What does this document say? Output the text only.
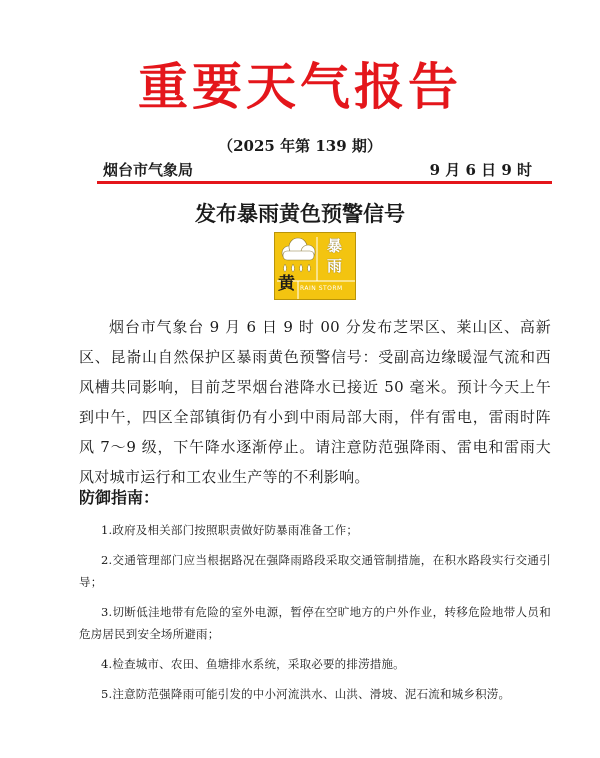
重要天气报告
（2025 年第 139 期）
烟台市气象局	9 月 6 日 9 时
发布暴雨黄色预警信号
暴
雨
黄 RAIN STORM
烟台市气象台 9 月 6 日 9 时 00 分发布芝罘区、莱山区、高新区、昆嵛山自然保护区暴雨黄色预警信号：受副高边缘暖湿气流和西风槽共同影响，目前芝罘烟台港降水已接近 50 毫米。预计今天上午到中午，四区全部镇街仍有小到中雨局部大雨，伴有雷电，雷雨时阵风 7～9 级，下午降水逐渐停止。请注意防范强降雨、雷电和雷雨大风对城市运行和工农业生产等的不利影响。
防御指南：
1.政府及相关部门按照职责做好防暴雨准备工作；
2.交通管理部门应当根据路况在强降雨路段采取交通管制措施，在积水路段实行交通引导；
3.切断低洼地带有危险的室外电源，暂停在空旷地方的户外作业，转移危险地带人员和危房居民到安全场所避雨；
4.检查城市、农田、鱼塘排水系统，采取必要的排涝措施。
5.注意防范强降雨可能引发的中小河流洪水、山洪、滑坡、泥石流和城乡积涝。
